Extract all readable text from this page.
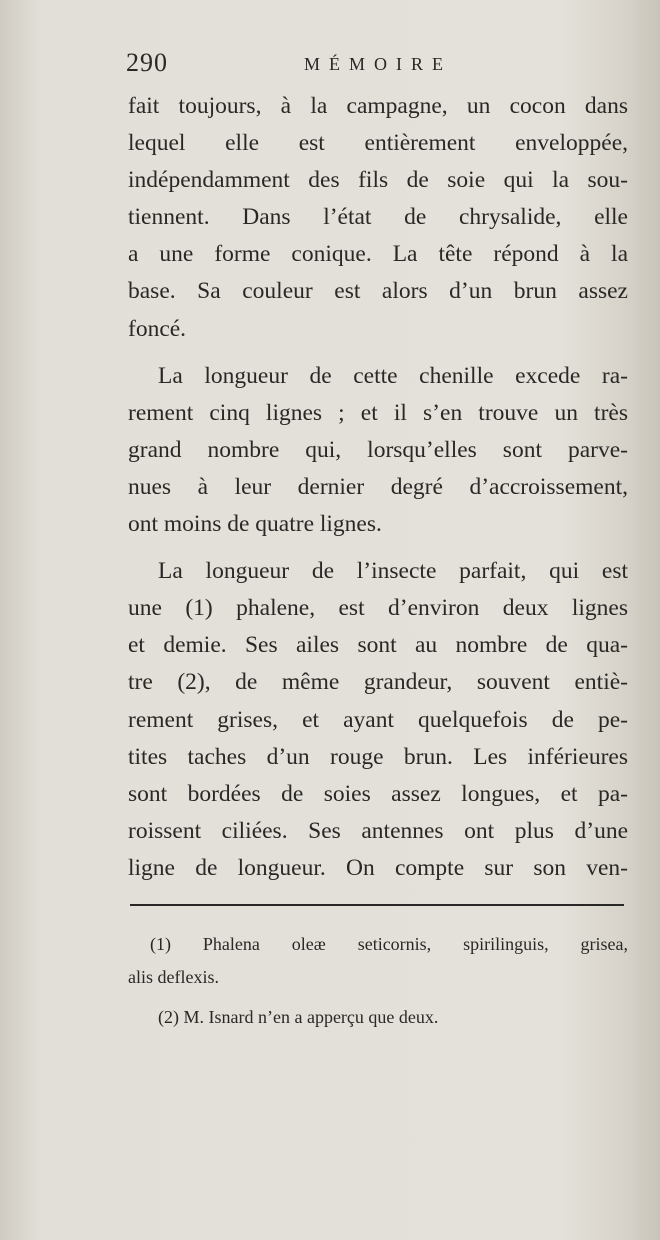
290	MÉMOIRE
fait toujours, à la campagne, un cocon dans
lequel elle est entièrement enveloppée,
indépendamment des fils de soie qui la sou-
tiennent. Dans l’état de chrysalide, elle
a une forme conique. La tête répond à la
base. Sa couleur est alors d’un brun assez
foncé.
La longueur de cette chenille excede ra-
rement cinq lignes ; et il s’en trouve un très
grand nombre qui, lorsqu’elles sont parve-
nues à leur dernier degré d’accroissement,
ont moins de quatre lignes.
La longueur de l’insecte parfait, qui est
une (1) phalene, est d’environ deux lignes
et demie. Ses ailes sont au nombre de qua-
tre (2), de même grandeur, souvent entiè-
rement grises, et ayant quelquefois de pe-
tites taches d’un rouge brun. Les inférieures
sont bordées de soies assez longues, et pa-
roissent ciliées. Ses antennes ont plus d’une
ligne de longueur. On compte sur son ven-
(1) Phalena oleæ seticornis, spirilinguis, grisea,
alis deflexis.
(2) M. Isnard n’en a apperçu que deux.
